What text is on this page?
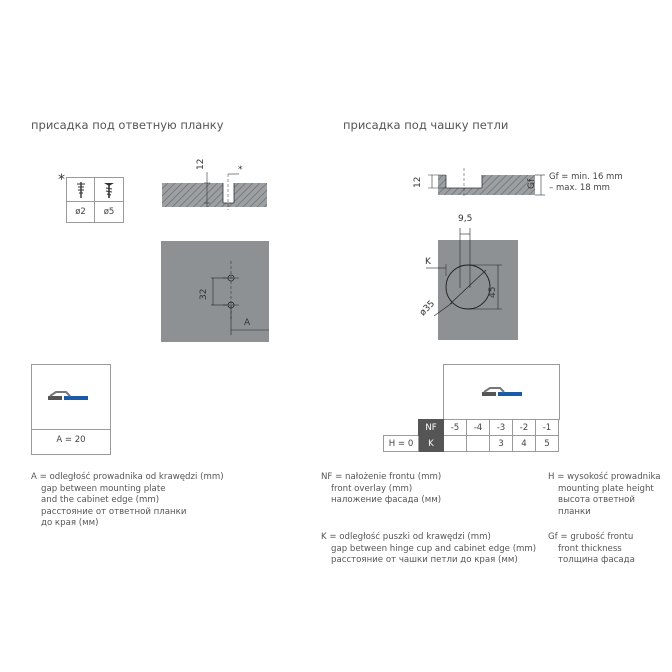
присадка под ответную планку	присадка под чашку петли
*
ø2	ø5
12	*
32
A
A = 20
A = odległość prowadnika od krawędzi (mm)
gap between mounting plate
and the cabinet edge (mm)
расстояние от ответной планки
до края (мм)
12	Gf
Gf = min. 16 mm
– max. 18 mm
9,5
K
ø35
45
	NF	-5	-4	-3	-2	-1
H = 0	K			3	4	5
NF = nałożenie frontu (mm)
front overlay (mm)
наложение фасада (мм)
H = wysokość prowadnika
mounting plate height
высота ответной
планки
K = odległość puszki od krawędzi (mm)
gap between hinge cup and cabinet edge (mm)
расстояние от чашки петли до края (мм)
Gf = grubość frontu
front thickness
толщина фасада
